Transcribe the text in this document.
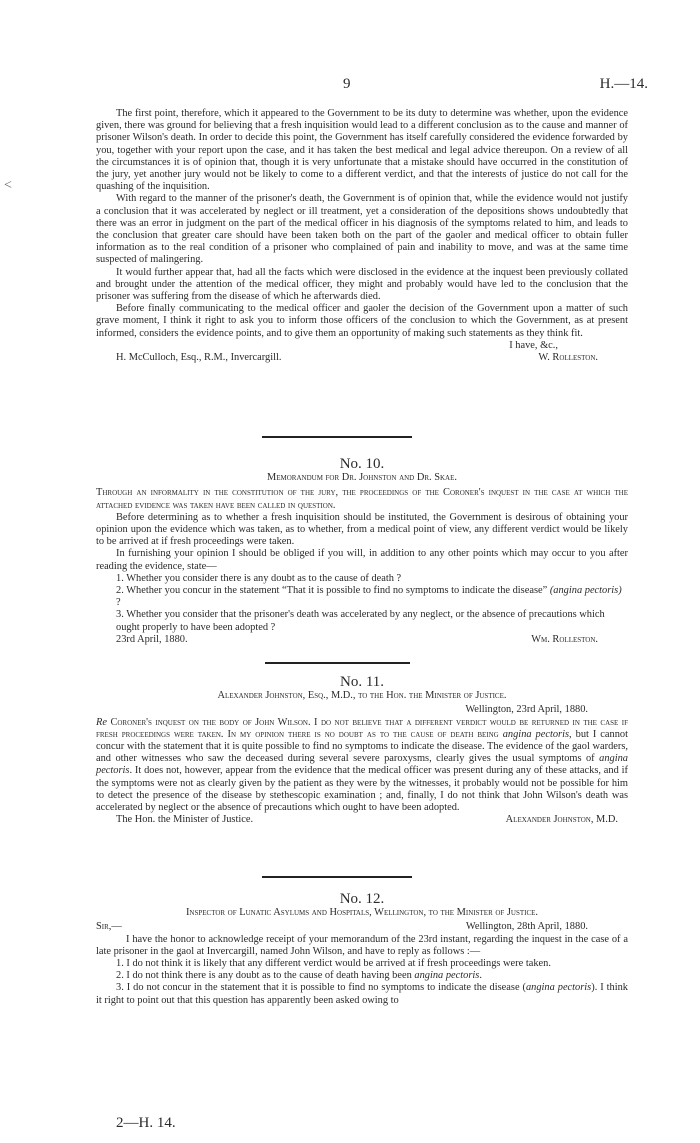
9	H.—14.
<

The first point, therefore, which it appeared to the Government to be its duty to determine was whether, upon the evidence given, there was ground for believing that a fresh inquisition would lead to a different conclusion as to the cause and manner of prisoner Wilson's death. In order to decide this point, the Government has itself carefully considered the evidence forwarded by you, together with your report upon the case, and it has taken the best medical and legal advice thereupon. On a review of all the circumstances it is of opinion that, though it is very unfortunate that a mistake should have occurred in the constitution of the jury, yet another jury would not be likely to come to a different verdict, and that the interests of justice do not call for the quashing of the inquisition.

With regard to the manner of the prisoner's death, the Government is of opinion that, while the evidence would not justify a conclusion that it was accelerated by neglect or ill treatment, yet a consideration of the depositions shows undoubtedly that there was an error in judgment on the part of the medical officer in his diagnosis of the symptoms related to him, and leads to the conclusion that greater care should have been taken both on the part of the gaoler and medical officer to obtain fuller information as to the real condition of a prisoner who complained of pain and inability to move, and was at the same time suspected of malingering.

It would further appear that, had all the facts which were disclosed in the evidence at the inquest been previously collated and brought under the attention of the medical officer, they might and probably would have led to the conclusion that the prisoner was suffering from the disease of which he afterwards died.

Before finally communicating to the medical officer and gaoler the decision of the Government upon a matter of such grave moment, I think it right to ask you to inform those officers of the conclusion to which the Government, as at present informed, considers the evidence points, and to give them an opportunity of making such statements as they think fit.

I have, &c.,

H. McCulloch, Esq., R.M., Invercargill.	W. Rolleston.

No. 10.

Memorandum for Dr. Johnston and Dr. Skae.

Through an informality in the constitution of the jury, the proceedings of the Coroner's inquest in the case at which the attached evidence was taken have been called in question.

Before determining as to whether a fresh inquisition should be instituted, the Government is desirous of obtaining your opinion upon the evidence which was taken, as to whether, from a medical point of view, any different verdict would be likely to be arrived at if fresh proceedings were taken.

In furnishing your opinion I should be obliged if you will, in addition to any other points which may occur to you after reading the evidence, state—

1. Whether you consider there is any doubt as to the cause of death ?

2. Whether you concur in the statement “That it is possible to find no symptoms to indicate the disease” (angina pectoris) ?

3. Whether you consider that the prisoner's death was accelerated by any neglect, or the absence of precautions which ought properly to have been adopted ?

23rd April, 1880.	Wm. Rolleston.

No. 11.

Alexander Johnston, Esq., M.D., to the Hon. the Minister of Justice.

Wellington, 23rd April, 1880.

Re Coroner's inquest on the body of John Wilson. I do not believe that a different verdict would be returned in the case if fresh proceedings were taken. In my opinion there is no doubt as to the cause of death being angina pectoris, but I cannot concur with the statement that it is quite possible to find no symptoms to indicate the disease. The evidence of the gaol warders, and other witnesses who saw the deceased during several severe paroxysms, clearly gives the usual symptoms of angina pectoris. It does not, however, appear from the evidence that the medical officer was present during any of these attacks, and if the symptoms were not as clearly given by the patient as they were by the witnesses, it probably would not be possible for him to detect the presence of the disease by stethescopic examination ; and, finally, I do not think that John Wilson's death was accelerated by neglect or the absence of precautions which ought to have been adopted.

The Hon. the Minister of Justice.	Alexander Johnston, M.D.

No. 12.

Inspector of Lunatic Asylums and Hospitals, Wellington, to the Minister of Justice.

Sir,—	Wellington, 28th April, 1880.

I have the honor to acknowledge receipt of your memorandum of the 23rd instant, regarding the inquest in the case of a late prisoner in the gaol at Invercargill, named John Wilson, and have to reply as follows :—

1. I do not think it is likely that any different verdict would be arrived at if fresh proceedings were taken.

2. I do not think there is any doubt as to the cause of death having been angina pectoris.

3. I do not concur in the statement that it is possible to find no symptoms to indicate the disease (angina pectoris). I think it right to point out that this question has apparently been asked owing to

2—H. 14.
